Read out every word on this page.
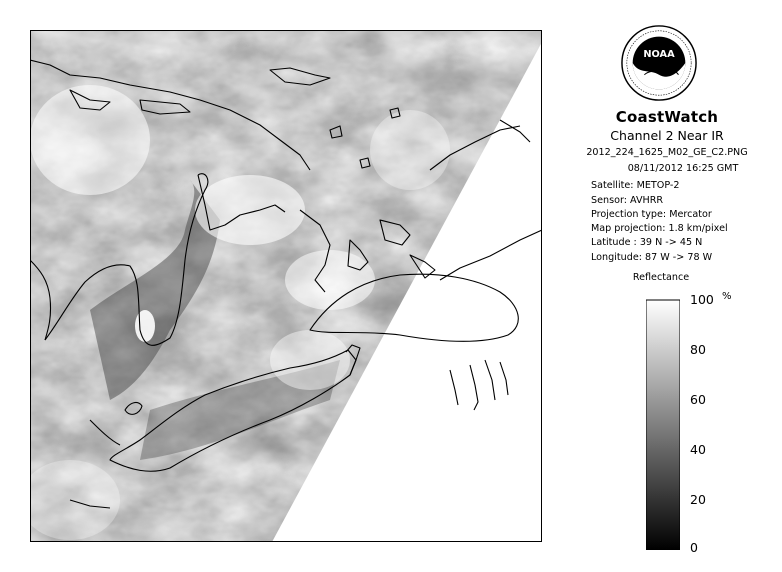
NOAA
CoastWatch
Channel 2 Near IR
2012_224_1625_M02_GE_C2.PNG
08/11/2012 16:25 GMT
Satellite: METOP-2
Sensor: AVHRR
Projection type: Mercator
Map projection: 1.8 km/pixel
Latitude : 39 N -> 45 N
Longitude: 87 W -> 78 W
Reflectance
%
100
80
60
40
20
0
